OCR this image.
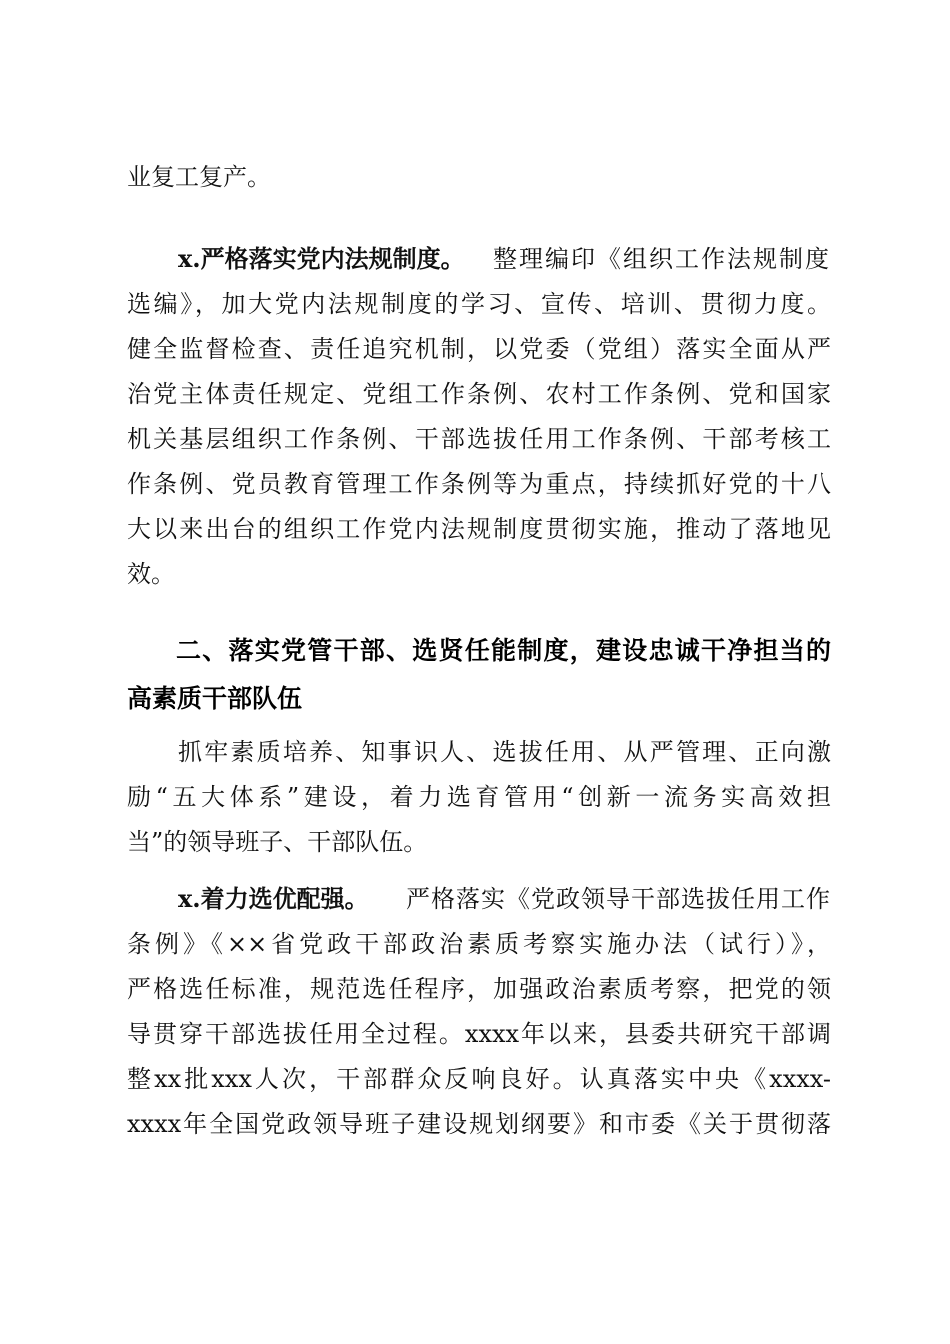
业复工复产。
x.严格落实党内法规制度。 整理编印《组织工作法规制度
选编》，加大党内法规制度的学习、宣传、培训、贯彻力度。
健全监督检查、责任追究机制，以党委（党组）落实全面从严
治党主体责任规定、党组工作条例、农村工作条例、党和国家
机关基层组织工作条例、干部选拔任用工作条例、干部考核工
作条例、党员教育管理工作条例等为重点，持续抓好党的十八
大以来出台的组织工作党内法规制度贯彻实施，推动了落地见
效。
二、落实党管干部、选贤任能制度，建设忠诚干净担当的
高素质干部队伍
抓牢素质培养、知事识人、选拔任用、从严管理、正向激
励“五大体系”建设，着力选育管用“创新一流务实高效担
当”的领导班子、干部队伍。
x.着力选优配强。 严格落实《党政领导干部选拔任用工作
条例》《××省党政干部政治素质考察实施办法（试行）》，
严格选任标准，规范选任程序，加强政治素质考察，把党的领
导贯穿干部选拔任用全过程。xxxx年以来，县委共研究干部调
整xx批xxx人次，干部群众反响良好。认真落实中央《xxxx-
xxxx年全国党政领导班子建设规划纲要》和市委《关于贯彻落
